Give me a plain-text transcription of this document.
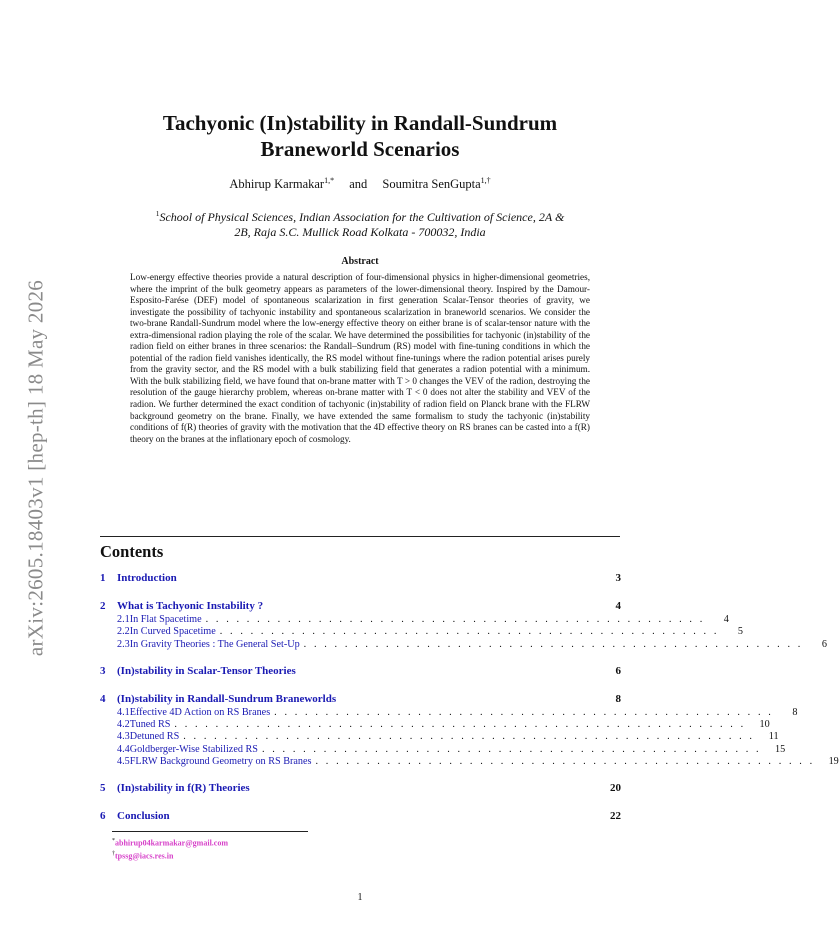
arXiv:2605.18403v1 [hep-th] 18 May 2026
Tachyonic (In)stability in Randall-Sundrum
Braneworld Scenarios
Abhirup Karmakar$^{1,*}$ and Soumitra SenGupta$^{1,\dagger}$
$^1$School of Physical Sciences, Indian Association for the Cultivation of Science, 2A &
2B, Raja S.C. Mullick Road Kolkata - 700032, India
Abstract
Low-energy effective theories provide a natural description of four-dimensional physics in higher-dimensional geometries, where the imprint of the bulk geometry appears as parameters of the lower-dimensional theory. Inspired by the Damour-Esposito-Farése (DEF) model of spontaneous scalarization in first generation Scalar-Tensor theories of gravity, we investigate the possibility of tachyonic instability and spontaneous scalarization in braneworld scenarios. We consider the two-brane Randall-Sundrum model where the low-energy effective theory on either brane is of scalar-tensor nature with the extra-dimensional radion playing the role of the scalar. We have determined the possibilities for tachyonic (in)stability of the radion field on either branes in three scenarios: the Randall–Sundrum (RS) model with fine-tuning conditions in which the potential of the radion field vanishes identically, the RS model without fine-tunings where the radion potential arises purely from the gravity sector, and the RS model with a bulk stabilizing field that generates a radion potential with a minimum. With the bulk stabilizing field, we have found that on-brane matter with T > 0 changes the VEV of the radion, destroying the resolution of the gauge hierarchy problem, whereas on-brane matter with T < 0 does not alter the stability and VEV of the radion. We further determined the exact condition of tachyonic (in)stability of radion field on Planck brane with the FLRW background geometry on the brane. Finally, we have extended the same formalism to study the tachyonic (in)stability conditions of f(R) theories of gravity with the motivation that the 4D effective theory on RS branes can be casted into a f(R) theory on the branes at the inflationary epoch of cosmology.
Contents
1	Introduction	3
2	What is Tachyonic Instability ?	4
2.1 In Flat Spacetime . . . . . . . . . . . . . . . . . . . . . . . . . . . . . . . . . . . . . . . . . . . . . . . . .	4
2.2 In Curved Spacetime . . . . . . . . . . . . . . . . . . . . . . . . . . . . . . . . . . . . . . . . . . . . . . . . .	5
2.3 In Gravity Theories : The General Set-Up . . . . . . . . . . . . . . . . . . . . . . . . . . . . . . . . . . . . . . . . . . . . . . . . .	6
3	(In)stability in Scalar-Tensor Theories	6
4	(In)stability in Randall-Sundrum Braneworlds	8
4.1 Effective 4D Action on RS Branes . . . . . . . . . . . . . . . . . . . . . . . . . . . . . . . . . . . . . . . . . . . . . . . . .	8
4.2 Tuned RS . . . . . . . . . . . . . . . . . . . . . . . . . . . . . . . . . . . . . . . . . . . . . . . . . . . . . . . .	10
4.3 Detuned RS . . . . . . . . . . . . . . . . . . . . . . . . . . . . . . . . . . . . . . . . . . . . . . . . . . . . . . . .	11
4.4 Goldberger-Wise Stabilized RS . . . . . . . . . . . . . . . . . . . . . . . . . . . . . . . . . . . . . . . . . . . . . . . . .	15
4.5 FLRW Background Geometry on RS Branes . . . . . . . . . . . . . . . . . . . . . . . . . . . . . . . . . . . . . . . . . . . . . . . . .	19
5	(In)stability in f(R) Theories	20
6	Conclusion	22
*abhirup04karmakar@gmail.com
†tpssg@iacs.res.in
1
